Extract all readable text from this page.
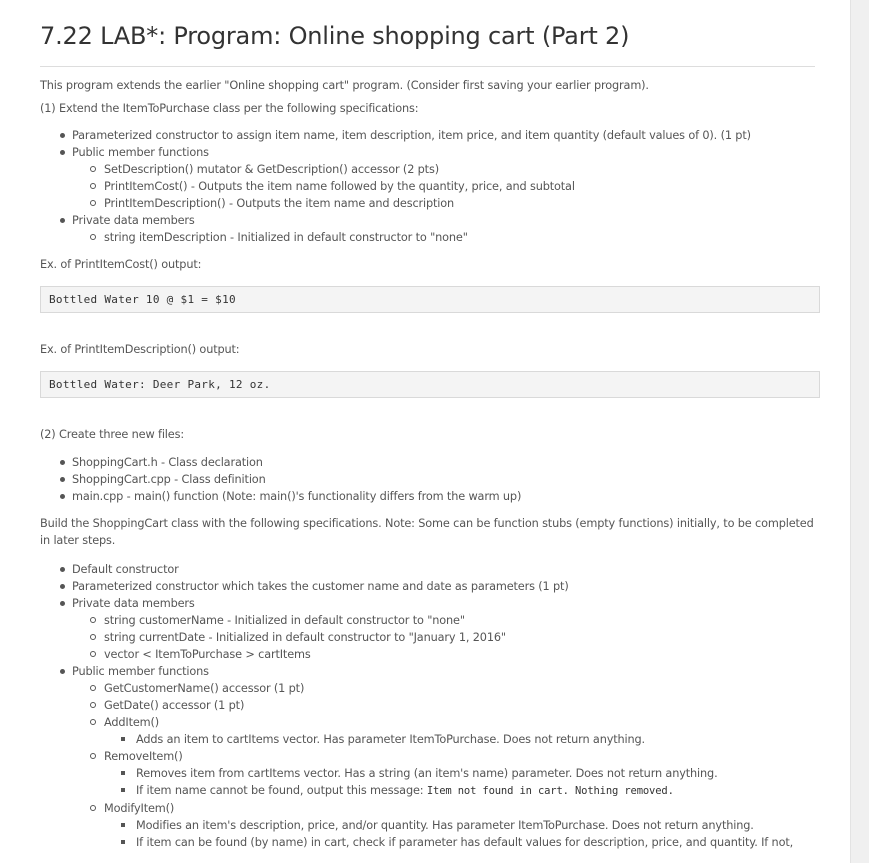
7.22 LAB*: Program: Online shopping cart (Part 2)

This program extends the earlier "Online shopping cart" program. (Consider first saving your earlier program).

(1) Extend the ItemToPurchase class per the following specifications:

Parameterized constructor to assign item name, item description, item price, and item quantity (default values of 0). (1 pt)
Public member functions
SetDescription() mutator & GetDescription() accessor (2 pts)
PrintItemCost() - Outputs the item name followed by the quantity, price, and subtotal
PrintItemDescription() - Outputs the item name and description
Private data members
string itemDescription - Initialized in default constructor to "none"

Ex. of PrintItemCost() output:

Bottled Water 10 @ $1 = $10

Ex. of PrintItemDescription() output:

Bottled Water: Deer Park, 12 oz.

(2) Create three new files:

ShoppingCart.h - Class declaration
ShoppingCart.cpp - Class definition
main.cpp - main() function (Note: main()'s functionality differs from the warm up)

Build the ShoppingCart class with the following specifications. Note: Some can be function stubs (empty functions) initially, to be completed in later steps.

Default constructor
Parameterized constructor which takes the customer name and date as parameters (1 pt)
Private data members
string customerName - Initialized in default constructor to "none"
string currentDate - Initialized in default constructor to "January 1, 2016"
vector < ItemToPurchase > cartItems
Public member functions
GetCustomerName() accessor (1 pt)
GetDate() accessor (1 pt)
AddItem()
Adds an item to cartItems vector. Has parameter ItemToPurchase. Does not return anything.
RemoveItem()
Removes item from cartItems vector. Has a string (an item's name) parameter. Does not return anything.
If item name cannot be found, output this message: Item not found in cart. Nothing removed.
ModifyItem()
Modifies an item's description, price, and/or quantity. Has parameter ItemToPurchase. Does not return anything.
If item can be found (by name) in cart, check if parameter has default values for description, price, and quantity. If not,
